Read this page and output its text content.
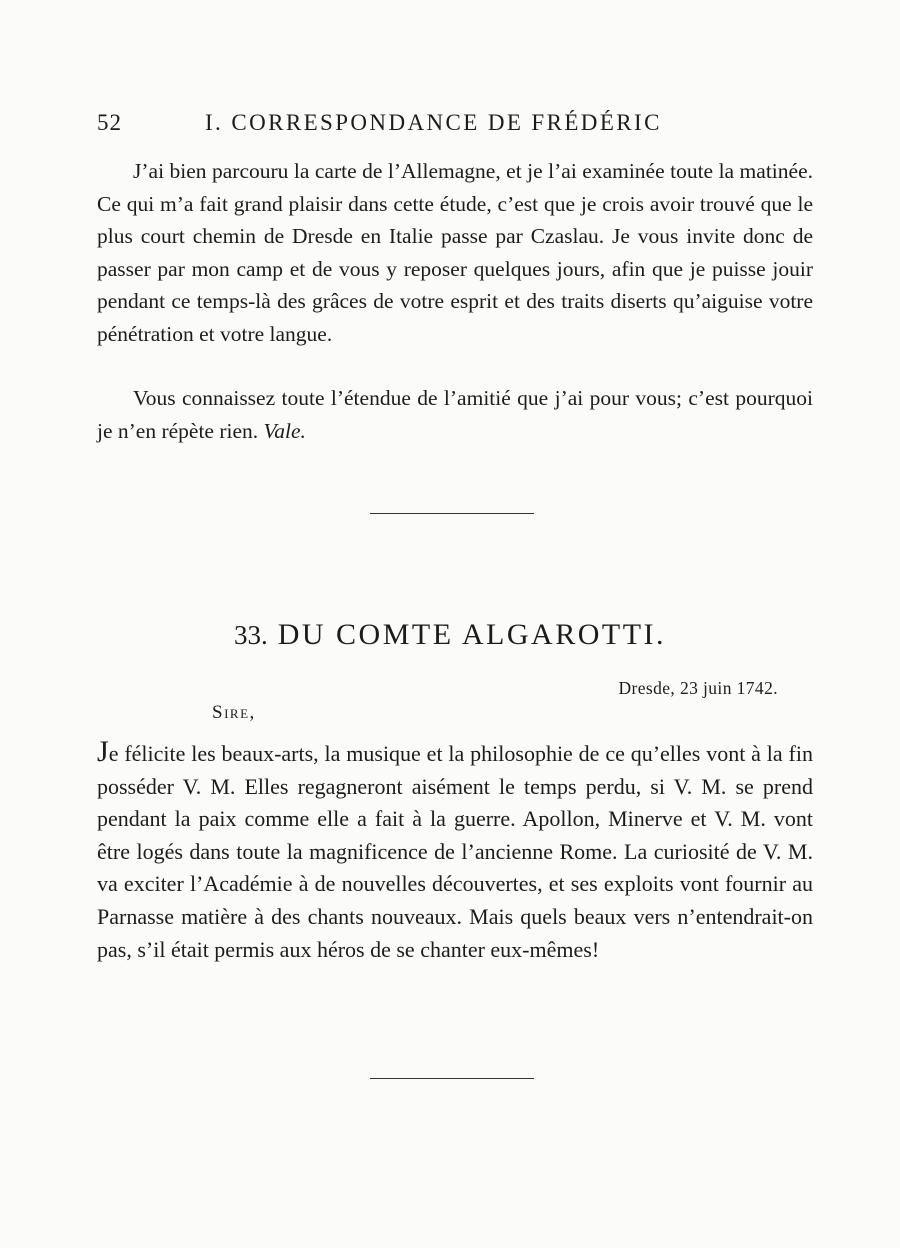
52	I. CORRESPONDANCE DE FRÉDÉRIC

J’ai bien parcouru la carte de l’Allemagne, et je l’ai examinée toute la matinée. Ce qui m’a fait grand plaisir dans cette étude, c’est que je crois avoir trouvé que le plus court chemin de Dresde en Italie passe par Czaslau. Je vous invite donc de passer par mon camp et de vous y reposer quelques jours, afin que je puisse jouir pendant ce temps-là des grâces de votre esprit et des traits diserts qu’aiguise votre pénétration et votre langue.

Vous connaissez toute l’étendue de l’amitié que j’ai pour vous; c’est pourquoi je n’en répète rien. Vale.

33. DU COMTE ALGAROTTI.
Dresde, 23 juin 1742.
Sire,

Je félicite les beaux-arts, la musique et la philosophie de ce qu’elles vont à la fin posséder V. M. Elles regagneront aisément le temps perdu, si V. M. se prend pendant la paix comme elle a fait à la guerre. Apollon, Minerve et V. M. vont être logés dans toute la magnificence de l’ancienne Rome. La curiosité de V. M. va exciter l’Académie à de nouvelles découvertes, et ses exploits vont fournir au Parnasse matière à des chants nouveaux. Mais quels beaux vers n’entendrait-on pas, s’il était permis aux héros de se chanter eux-mêmes!
